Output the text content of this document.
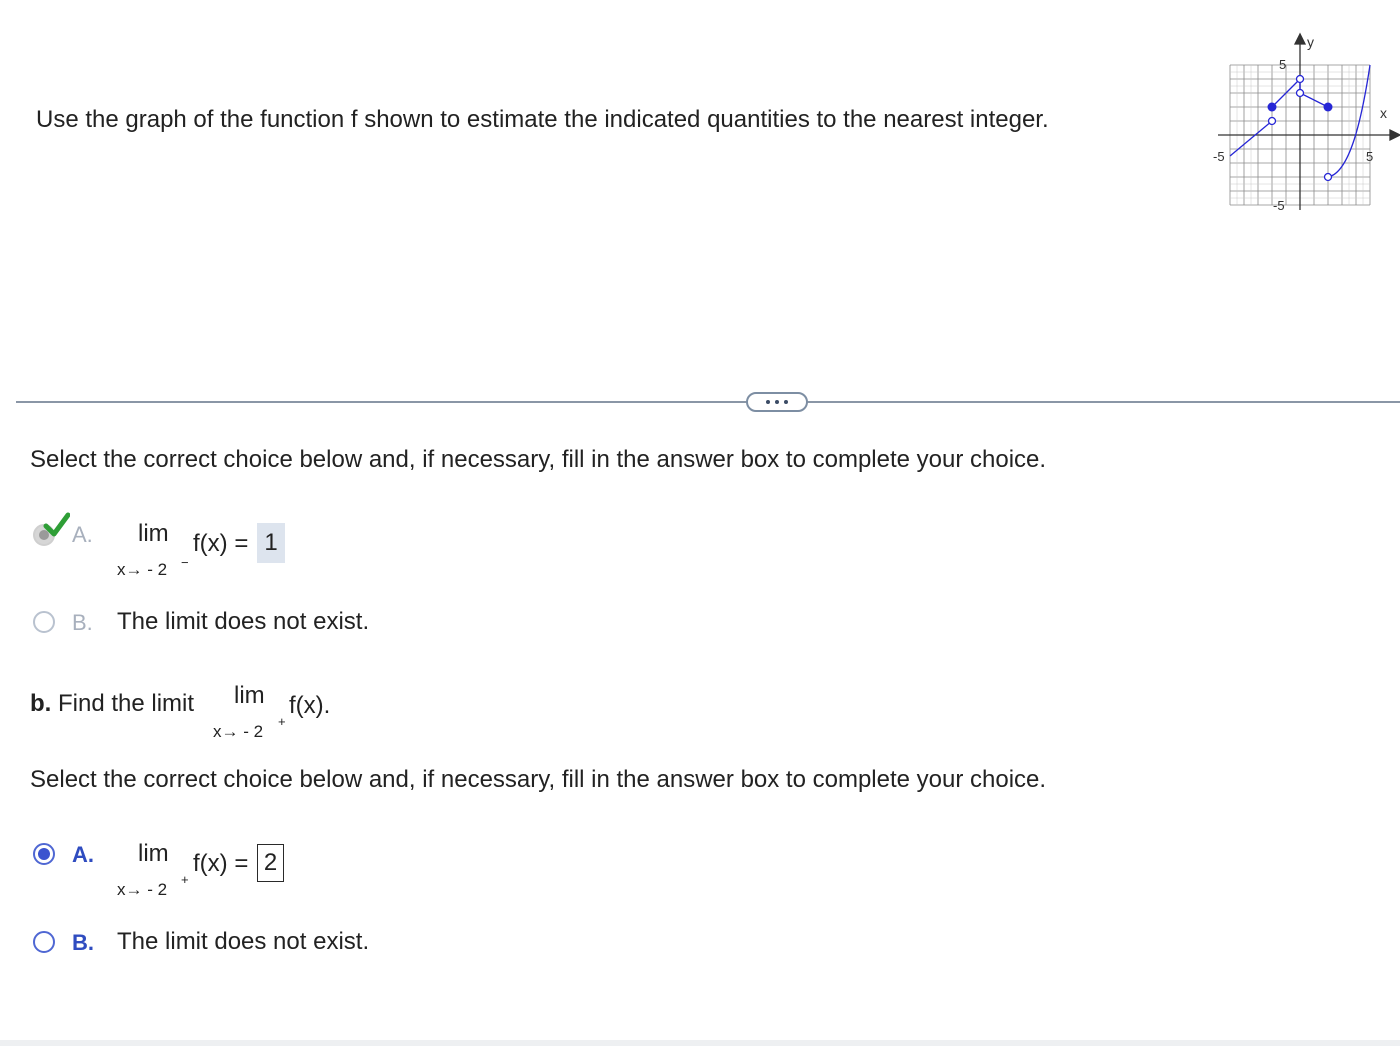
Use the graph of the function f shown to estimate the indicated quantities to the nearest integer.
y
x
5
-5
-5	5
Select the correct choice below and, if necessary, fill in the answer box to complete your choice.
A. lim
x→ - 2 −
f(x) = 1
B. The limit does not exist.
b. Find the limit lim
x→ - 2
+
f(x).
Select the correct choice below and, if necessary, fill in the answer box to complete your choice.
A. lim
x→ - 2
+
f(x) = 2
B. The limit does not exist.
